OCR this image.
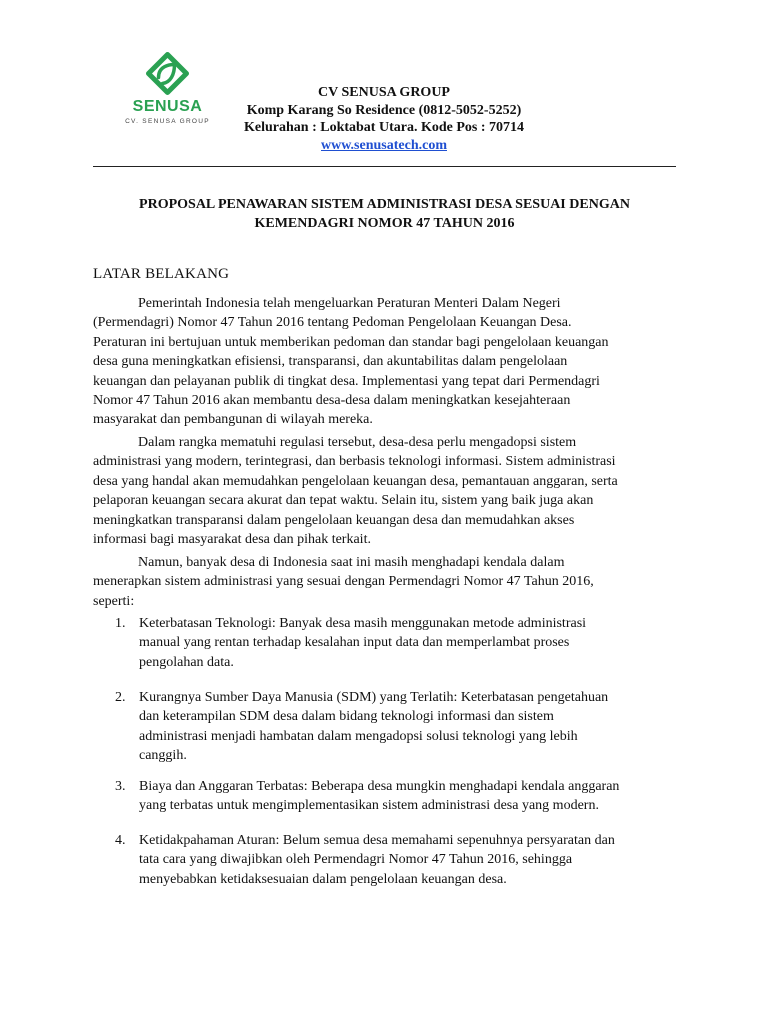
SENUSA
CV. SENUSA GROUP
CV SENUSA GROUP
Komp Karang So Residence (0812-5052-5252)
Kelurahan : Loktabat Utara. Kode Pos : 70714
www.senusatech.com
PROPOSAL PENAWARAN SISTEM ADMINISTRASI DESA SESUAI DENGAN
KEMENDAGRI NOMOR 47 TAHUN 2016
LATAR BELAKANG
Pemerintah Indonesia telah mengeluarkan Peraturan Menteri Dalam Negeri
(Permendagri) Nomor 47 Tahun 2016 tentang Pedoman Pengelolaan Keuangan Desa.
Peraturan ini bertujuan untuk memberikan pedoman dan standar bagi pengelolaan keuangan
desa guna meningkatkan efisiensi, transparansi, dan akuntabilitas dalam pengelolaan
keuangan dan pelayanan publik di tingkat desa. Implementasi yang tepat dari Permendagri
Nomor 47 Tahun 2016 akan membantu desa-desa dalam meningkatkan kesejahteraan
masyarakat dan pembangunan di wilayah mereka.
Dalam rangka mematuhi regulasi tersebut, desa-desa perlu mengadopsi sistem
administrasi yang modern, terintegrasi, dan berbasis teknologi informasi. Sistem administrasi
desa yang handal akan memudahkan pengelolaan keuangan desa, pemantauan anggaran, serta
pelaporan keuangan secara akurat dan tepat waktu. Selain itu, sistem yang baik juga akan
meningkatkan transparansi dalam pengelolaan keuangan desa dan memudahkan akses
informasi bagi masyarakat desa dan pihak terkait.
Namun, banyak desa di Indonesia saat ini masih menghadapi kendala dalam
menerapkan sistem administrasi yang sesuai dengan Permendagri Nomor 47 Tahun 2016,
seperti:
1. Keterbatasan Teknologi: Banyak desa masih menggunakan metode administrasi
manual yang rentan terhadap kesalahan input data dan memperlambat proses
pengolahan data.
2. Kurangnya Sumber Daya Manusia (SDM) yang Terlatih: Keterbatasan pengetahuan
dan keterampilan SDM desa dalam bidang teknologi informasi dan sistem
administrasi menjadi hambatan dalam mengadopsi solusi teknologi yang lebih
canggih.
3. Biaya dan Anggaran Terbatas: Beberapa desa mungkin menghadapi kendala anggaran
yang terbatas untuk mengimplementasikan sistem administrasi desa yang modern.
4. Ketidakpahaman Aturan: Belum semua desa memahami sepenuhnya persyaratan dan
tata cara yang diwajibkan oleh Permendagri Nomor 47 Tahun 2016, sehingga
menyebabkan ketidaksesuaian dalam pengelolaan keuangan desa.
